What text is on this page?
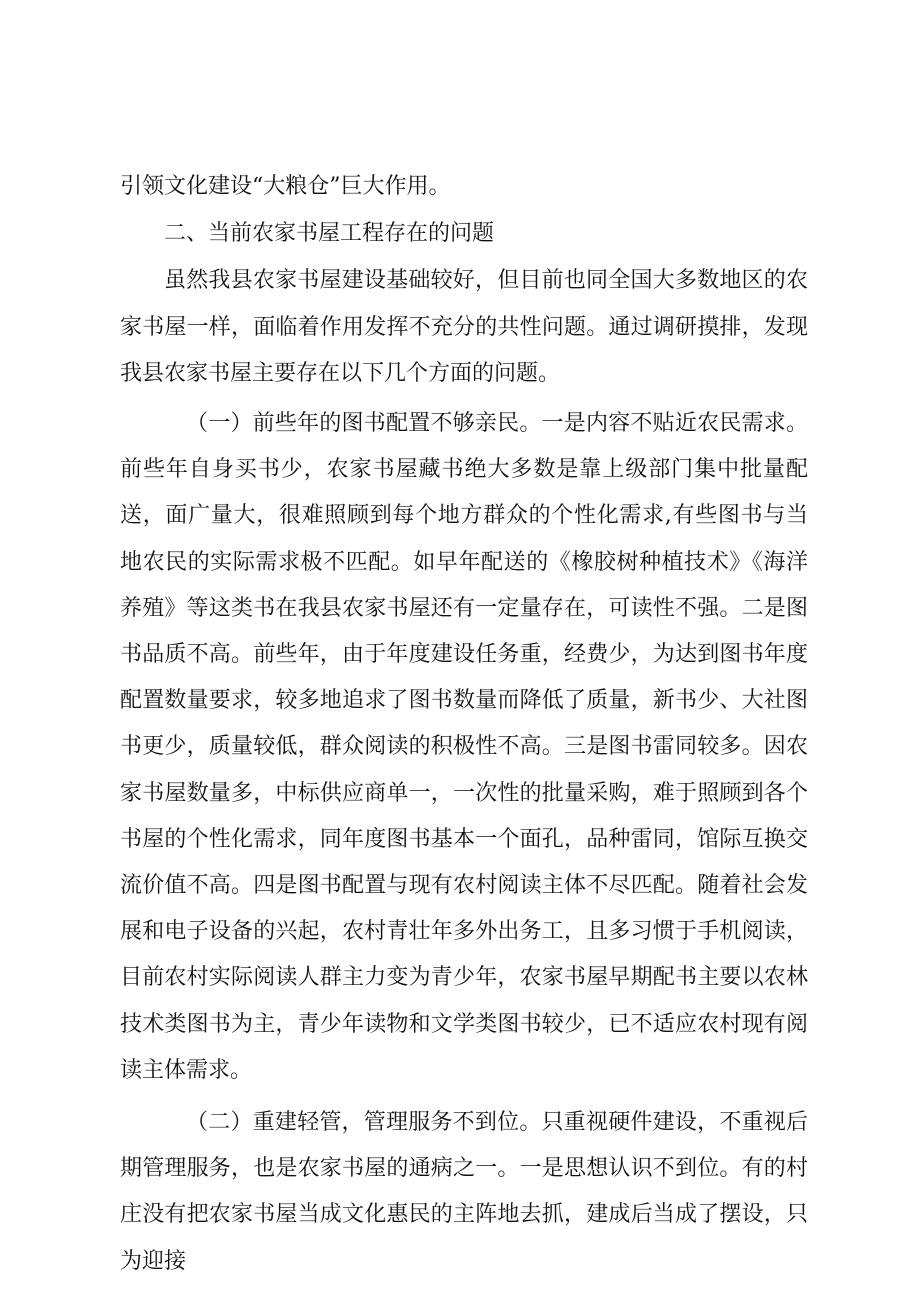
引领文化建设“大粮仓”巨大作用。

二、当前农家书屋工程存在的问题

虽然我县农家书屋建设基础较好，但目前也同全国大多数地区的农家书屋一样，面临着作用发挥不充分的共性问题。通过调研摸排，发现我县农家书屋主要存在以下几个方面的问题。

（一）前些年的图书配置不够亲民。一是内容不贴近农民需求。前些年自身买书少，农家书屋藏书绝大多数是靠上级部门集中批量配送，面广量大，很难照顾到每个地方群众的个性化需求,有些图书与当地农民的实际需求极不匹配。如早年配送的《橡胶树种植技术》《海洋养殖》等这类书在我县农家书屋还有一定量存在，可读性不强。二是图书品质不高。前些年，由于年度建设任务重，经费少，为达到图书年度配置数量要求，较多地追求了图书数量而降低了质量，新书少、大社图书更少，质量较低，群众阅读的积极性不高。三是图书雷同较多。因农家书屋数量多，中标供应商单一，一次性的批量采购，难于照顾到各个书屋的个性化需求，同年度图书基本一个面孔，品种雷同，馆际互换交流价值不高。四是图书配置与现有农村阅读主体不尽匹配。随着社会发展和电子设备的兴起，农村青壮年多外出务工，且多习惯于手机阅读，目前农村实际阅读人群主力变为青少年，农家书屋早期配书主要以农林技术类图书为主，青少年读物和文学类图书较少，已不适应农村现有阅读主体需求。

（二）重建轻管，管理服务不到位。只重视硬件建设，不重视后期管理服务，也是农家书屋的通病之一。一是思想认识不到位。有的村庄没有把农家书屋当成文化惠民的主阵地去抓，建成后当成了摆设，只为迎接
